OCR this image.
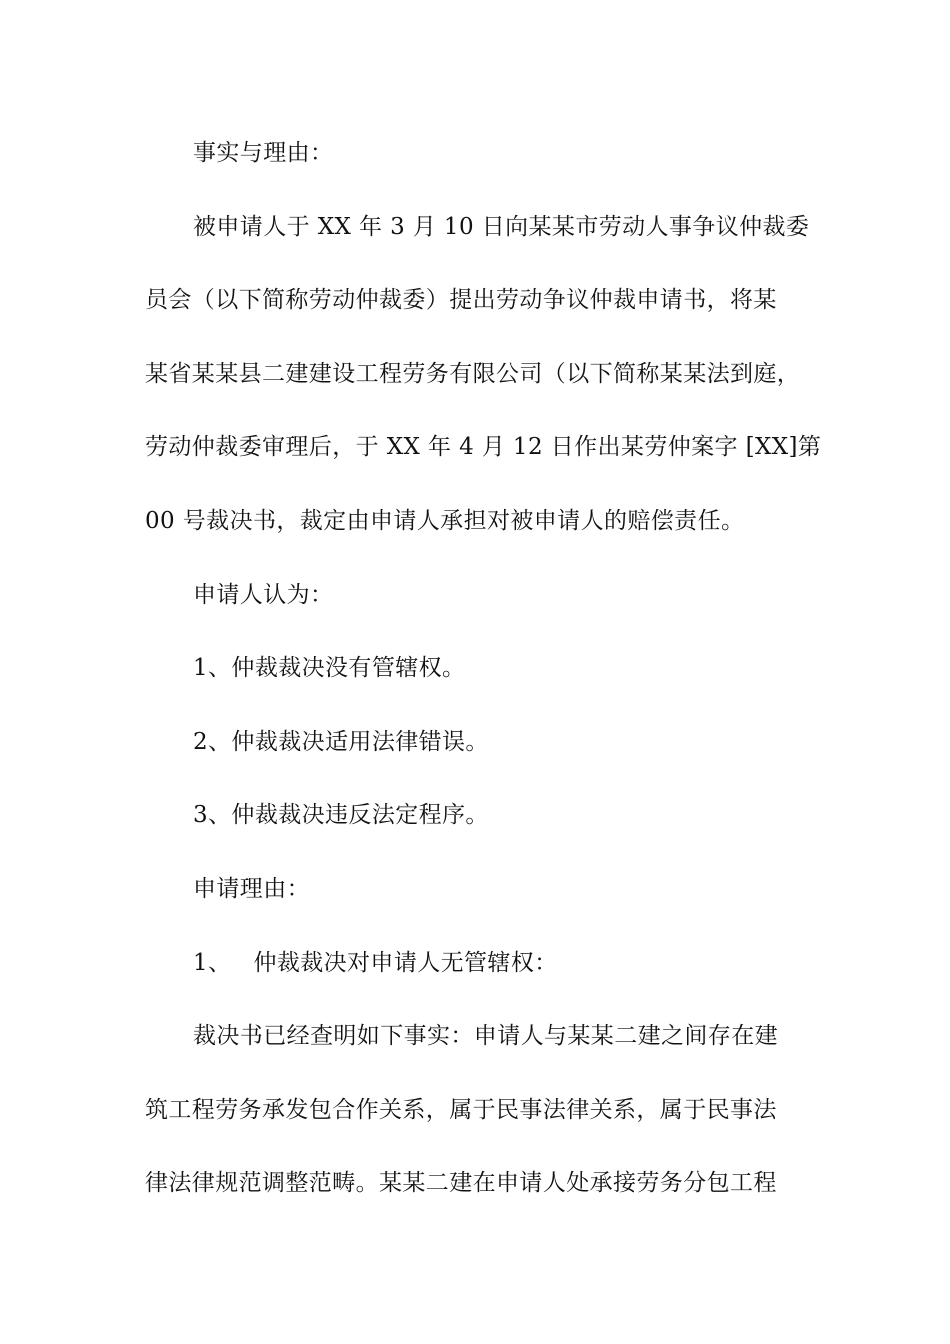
事实与理由：
被申请人于 XX 年 3 月 10 日向某某市劳动人事争议仲裁委
员会（以下简称劳动仲裁委）提出劳动争议仲裁申请书，将某
某省某某县二建建设工程劳务有限公司（以下简称某某法到庭，
劳动仲裁委审理后，于 XX 年 4 月 12 日作出某劳仲案字 [XX]第
00 号裁决书，裁定由申请人承担对被申请人的赔偿责任。
申请人认为：
1、仲裁裁决没有管辖权。
2、仲裁裁决适用法律错误。
3、仲裁裁决违反法定程序。
申请理由：
1、 仲裁裁决对申请人无管辖权：
裁决书已经查明如下事实：申请人与某某二建之间存在建
筑工程劳务承发包合作关系，属于民事法律关系，属于民事法
律法律规范调整范畴。某某二建在申请人处承接劳务分包工程
